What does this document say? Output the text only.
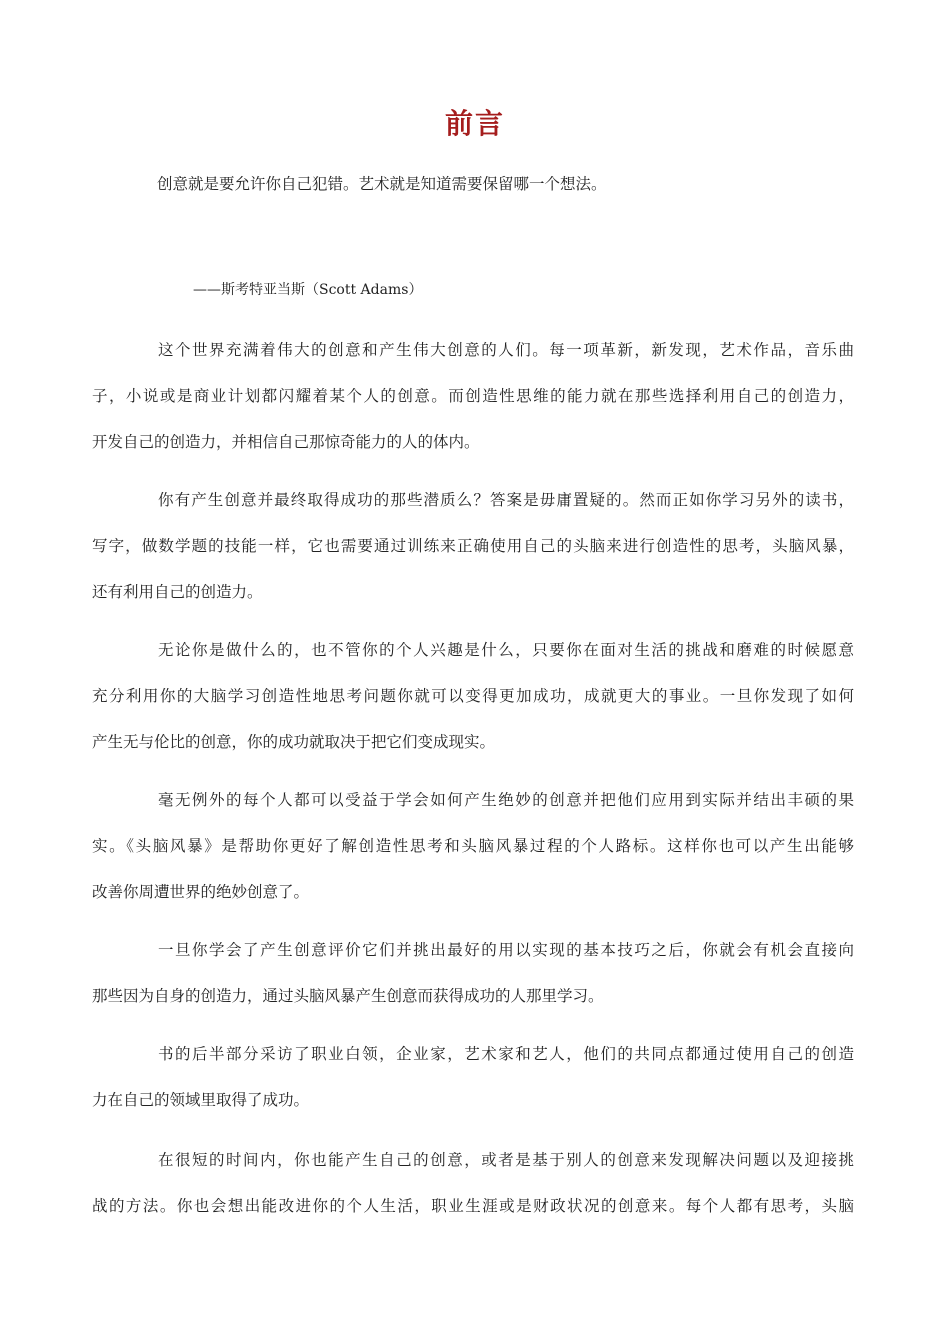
前言
创意就是要允许你自己犯错。艺术就是知道需要保留哪一个想法。
——斯考特亚当斯（Scott Adams）
这个世界充满着伟大的创意和产生伟大创意的人们。每一项革新，新发现，艺术作品，音乐曲
子，小说或是商业计划都闪耀着某个人的创意。而创造性思维的能力就在那些选择利用自己的创造力，
开发自己的创造力，并相信自己那惊奇能力的人的体内。
你有产生创意并最终取得成功的那些潜质么？答案是毋庸置疑的。然而正如你学习另外的读书，
写字，做数学题的技能一样，它也需要通过训练来正确使用自己的头脑来进行创造性的思考，头脑风暴，
还有利用自己的创造力。
无论你是做什么的，也不管你的个人兴趣是什么，只要你在面对生活的挑战和磨难的时候愿意
充分利用你的大脑学习创造性地思考问题你就可以变得更加成功，成就更大的事业。一旦你发现了如何
产生无与伦比的创意，你的成功就取决于把它们变成现实。
毫无例外的每个人都可以受益于学会如何产生绝妙的创意并把他们应用到实际并结出丰硕的果
实。《头脑风暴》是帮助你更好了解创造性思考和头脑风暴过程的个人路标。这样你也可以产生出能够
改善你周遭世界的绝妙创意了。
一旦你学会了产生创意评价它们并挑出最好的用以实现的基本技巧之后，你就会有机会直接向
那些因为自身的创造力，通过头脑风暴产生创意而获得成功的人那里学习。
书的后半部分采访了职业白领，企业家，艺术家和艺人，他们的共同点都通过使用自己的创造
力在自己的领域里取得了成功。
在很短的时间内，你也能产生自己的创意，或者是基于别人的创意来发现解决问题以及迎接挑
战的方法。你也会想出能改进你的个人生活，职业生涯或是财政状况的创意来。每个人都有思考，头脑
